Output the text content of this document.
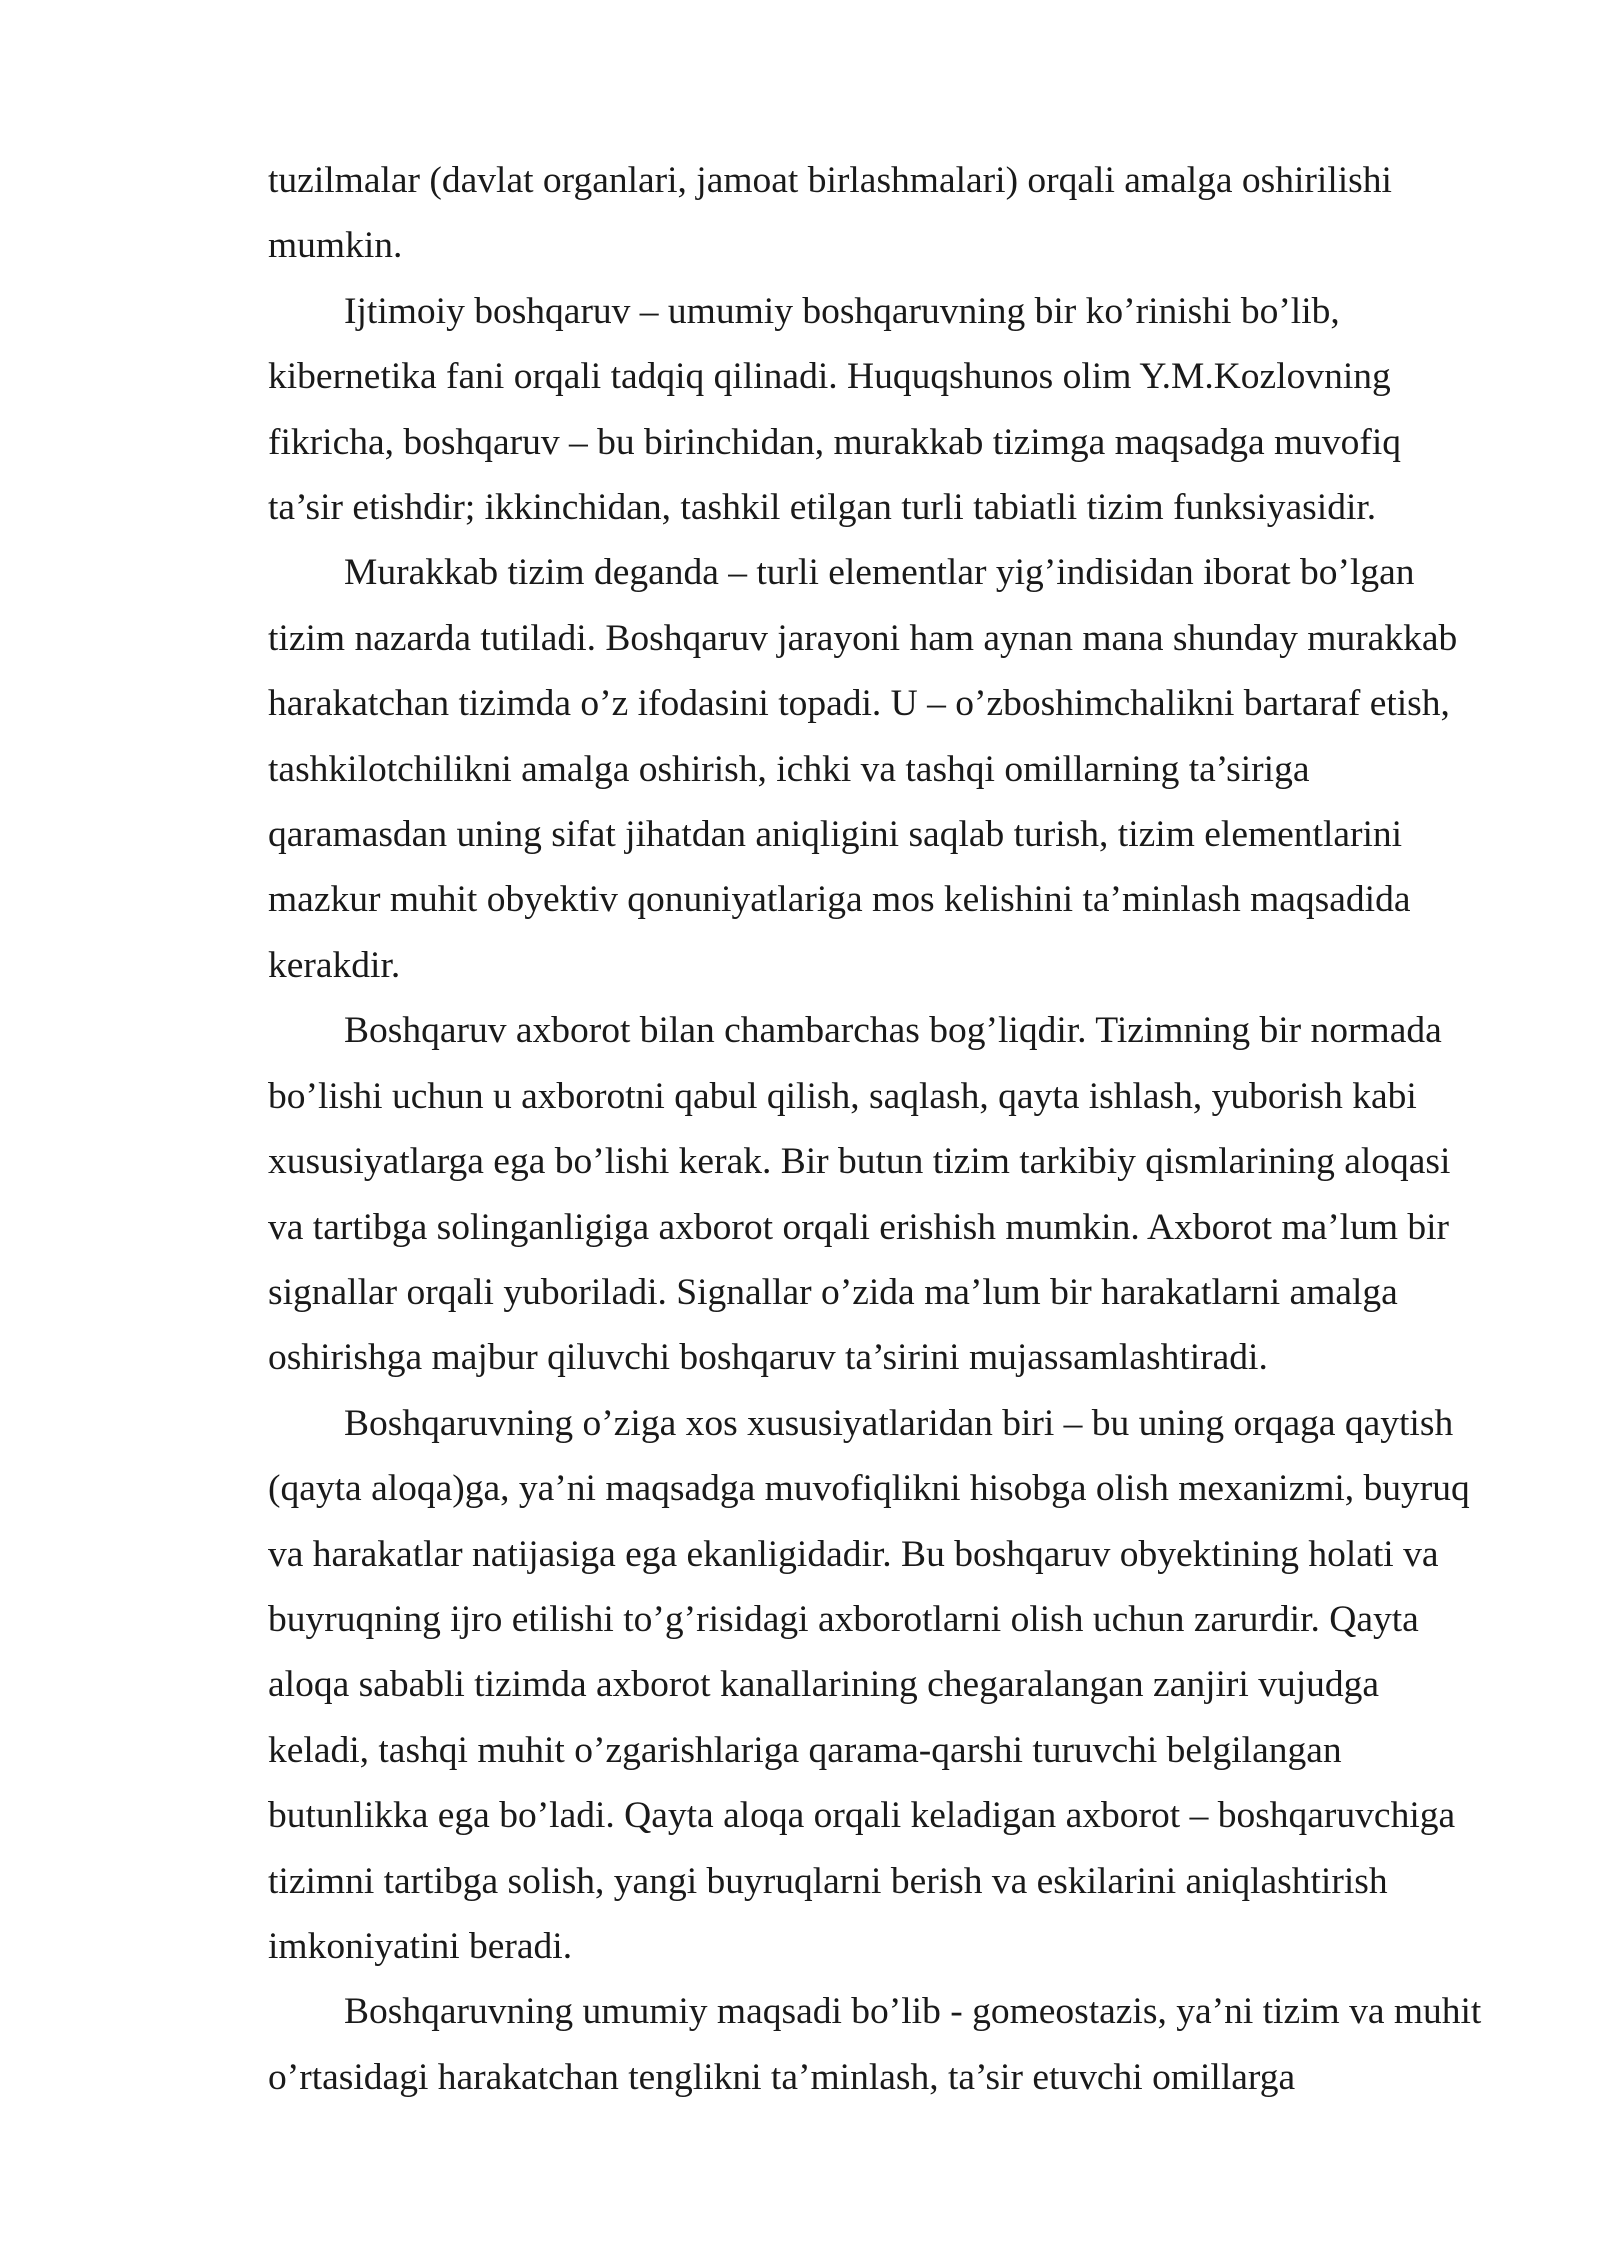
tuzilmalar (davlat organlari, jamoat birlashmalari) orqali amalga oshirilishi
mumkin.
Ijtimoiy boshqaruv – umumiy boshqaruvning bir ko’rinishi bo’lib,
kibernetika fani orqali tadqiq qilinadi. Huquqshunos olim Y.M.Kozlovning
fikricha, boshqaruv – bu birinchidan, murakkab tizimga maqsadga muvofiq
ta’sir etishdir; ikkinchidan, tashkil etilgan turli tabiatli tizim funksiyasidir.
Murakkab tizim deganda – turli elementlar yig’indisidan iborat bo’lgan
tizim nazarda tutiladi. Boshqaruv jarayoni ham aynan mana shunday murakkab
harakatchan tizimda o’z ifodasini topadi. U – o’zboshimchalikni bartaraf etish,
tashkilotchilikni amalga oshirish, ichki va tashqi omillarning ta’siriga
qaramasdan uning sifat jihatdan aniqligini saqlab turish, tizim elementlarini
mazkur muhit obyektiv qonuniyatlariga mos kelishini ta’minlash maqsadida
kerakdir.
Boshqaruv axborot bilan chambarchas bog’liqdir. Tizimning bir normada
bo’lishi uchun u axborotni qabul qilish, saqlash, qayta ishlash, yuborish kabi
xususiyatlarga ega bo’lishi kerak. Bir butun tizim tarkibiy qismlarining aloqasi
va tartibga solinganligiga axborot orqali erishish mumkin. Axborot ma’lum bir
signallar orqali yuboriladi. Signallar o’zida ma’lum bir harakatlarni amalga
oshirishga majbur qiluvchi boshqaruv ta’sirini mujassamlashtiradi.
Boshqaruvning o’ziga xos xususiyatlaridan biri – bu uning orqaga qaytish
(qayta aloqa)ga, ya’ni maqsadga muvofiqlikni hisobga olish mexanizmi, buyruq
va harakatlar natijasiga ega ekanligidadir. Bu boshqaruv obyektining holati va
buyruqning ijro etilishi to’g’risidagi axborotlarni olish uchun zarurdir. Qayta
aloqa sababli tizimda axborot kanallarining chegaralangan zanjiri vujudga
keladi, tashqi muhit o’zgarishlariga qarama-qarshi turuvchi belgilangan
butunlikka ega bo’ladi. Qayta aloqa orqali keladigan axborot – boshqaruvchiga
tizimni tartibga solish, yangi buyruqlarni berish va eskilarini aniqlashtirish
imkoniyatini beradi.
Boshqaruvning umumiy maqsadi bo’lib - gomeostazis, ya’ni tizim va muhit
o’rtasidagi harakatchan tenglikni ta’minlash, ta’sir etuvchi omillarga
